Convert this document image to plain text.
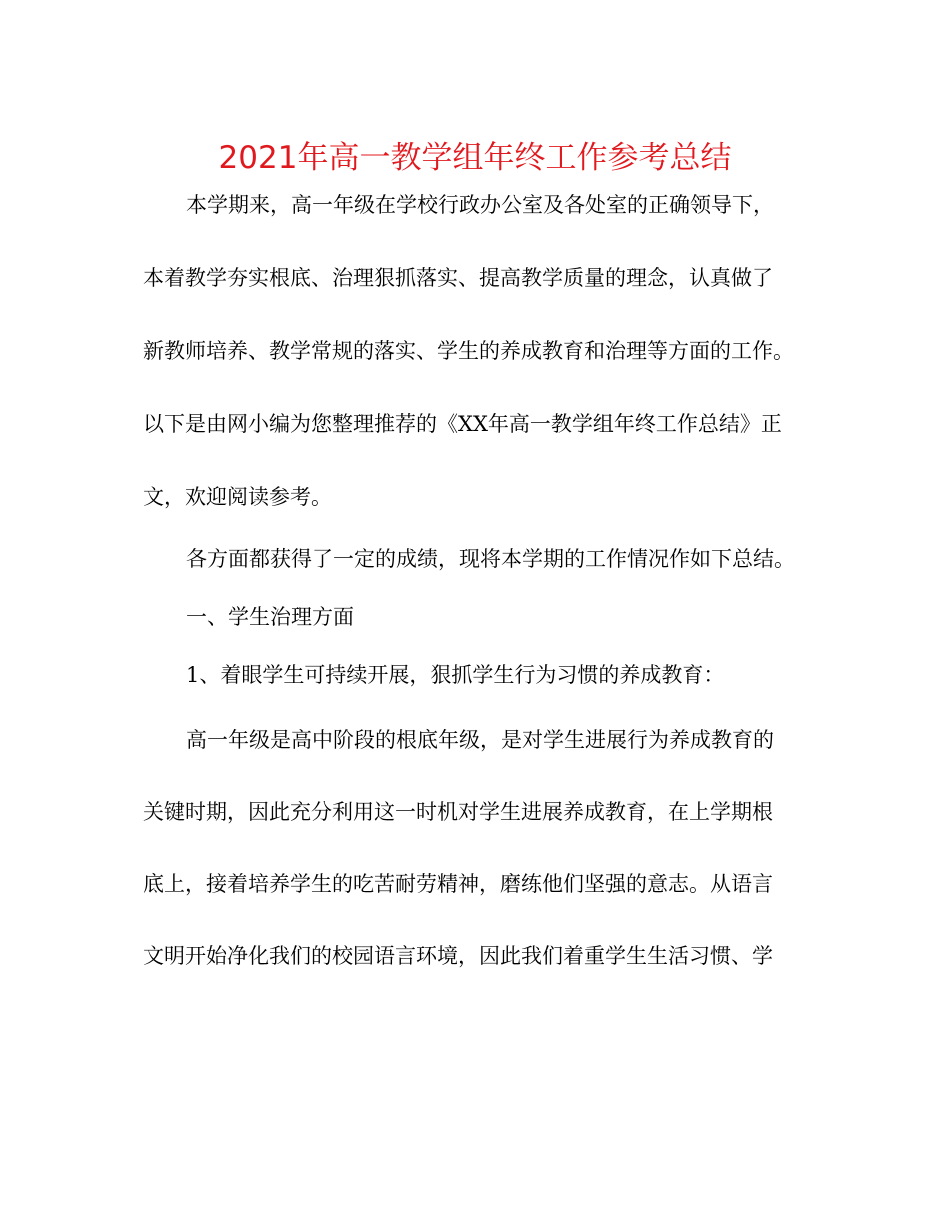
2021年高一教学组年终工作参考总结
本学期来，高一年级在学校行政办公室及各处室的正确领导下，
本着教学夯实根底、治理狠抓落实、提高教学质量的理念，认真做了
新教师培养、教学常规的落实、学生的养成教育和治理等方面的工作。
以下是由网小编为您整理推荐的《XX年高一教学组年终工作总结》正
文，欢迎阅读参考。
各方面都获得了一定的成绩，现将本学期的工作情况作如下总结。
一、学生治理方面
1、着眼学生可持续开展，狠抓学生行为习惯的养成教育：
高一年级是高中阶段的根底年级，是对学生进展行为养成教育的
关键时期，因此充分利用这一时机对学生进展养成教育，在上学期根
底上，接着培养学生的吃苦耐劳精神，磨练他们坚强的意志。从语言
文明开始净化我们的校园语言环境，因此我们着重学生生活习惯、学
